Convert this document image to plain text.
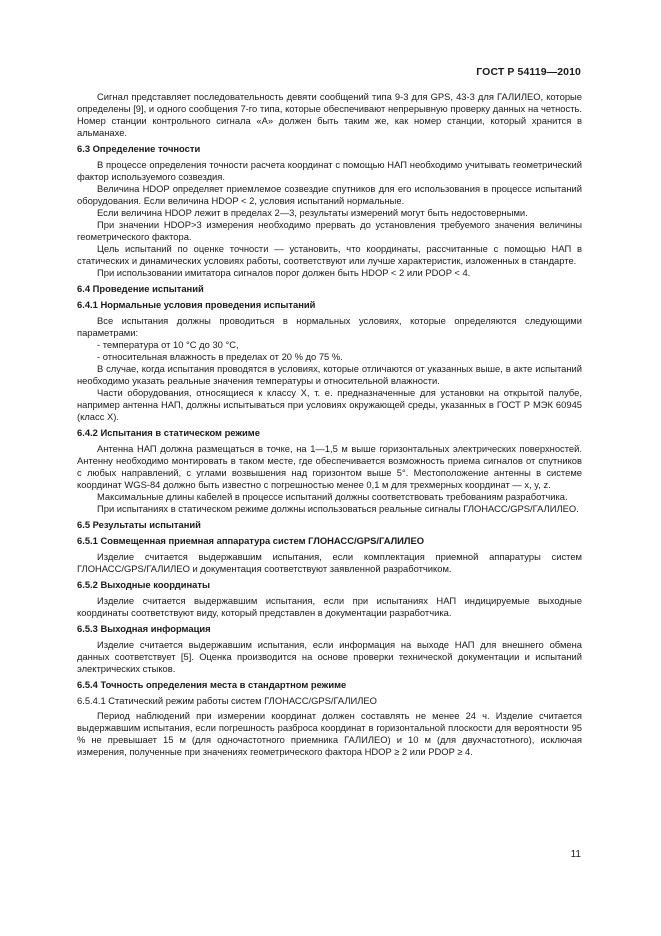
ГОСТ Р 54119—2010

Сигнал представляет последовательность девяти сообщений типа 9-3 для GPS, 43-3 для ГАЛИЛЕО, которые определены [9], и одного сообщения 7-го типа, которые обеспечивают непрерывную проверку данных на четность. Номер станции контрольного сигнала «А» должен быть таким же, как номер станции, который хранится в альманахе.

6.3 Определение точности

В процессе определения точности расчета координат с помощью НАП необходимо учитывать геометрический фактор используемого созвездия.

Величина HDOP определяет приемлемое созвездие спутников для его использования в процессе испытаний оборудования. Если величина HDOP < 2, условия испытаний нормальные.

Если величина HDOP лежит в пределах 2—3, результаты измерений могут быть недостоверными.

При значении HDOP>3 измерения необходимо прервать до установления требуемого значения величины геометрического фактора.

Цель испытаний по оценке точности — установить, что координаты, рассчитанные с помощью НАП в статических и динамических условиях работы, соответствуют или лучше характеристик, изложенных в стандарте.

При использовании имитатора сигналов порог должен быть HDOP < 2 или PDOP < 4.

6.4 Проведение испытаний

6.4.1 Нормальные условия проведения испытаний

Все испытания должны проводиться в нормальных условиях, которые определяются следующими параметрами:

- температура от 10 °С до 30 °С,

- относительная влажность в пределах от 20 % до 75 %.

В случае, когда испытания проводятся в условиях, которые отличаются от указанных выше, в акте испытаний необходимо указать реальные значения температуры и относительной влажности.

Части оборудования, относящиеся к классу X, т. е. предназначенные для установки на открытой палубе, например антенна НАП, должны испытываться при условиях окружающей среды, указанных в ГОСТ Р МЭК 60945 (класс X).

6.4.2 Испытания в статическом режиме

Антенна НАП должна размещаться в точке, на 1—1,5 м выше горизонтальных электрических поверхностей. Антенну необходимо монтировать в таком месте, где обеспечивается возможность приема сигналов от спутников с любых направлений, с углами возвышения над горизонтом выше 5°. Местоположение антенны в системе координат WGS-84 должно быть известно с погрешностью менее 0,1 м для трехмерных координат — x, y, z.

Максимальные длины кабелей в процессе испытаний должны соответствовать требованиям разработчика.

При испытаниях в статическом режиме должны использоваться реальные сигналы ГЛОНАСС/GPS/ГАЛИЛЕО.

6.5 Результаты испытаний

6.5.1 Совмещенная приемная аппаратура систем ГЛОНАСС/GPS/ГАЛИЛЕО

Изделие считается выдержавшим испытания, если комплектация приемной аппаратуры систем ГЛОНАСС/GPS/ГАЛИЛЕО и документация соответствуют заявленной разработчиком.

6.5.2 Выходные координаты

Изделие считается выдержавшим испытания, если при испытаниях НАП индицируемые выходные координаты соответствуют виду, который представлен в документации разработчика.

6.5.3 Выходная информация

Изделие считается выдержавшим испытания, если информация на выходе НАП для внешнего обмена данных соответствует [5]. Оценка производится на основе проверки технической документации и испытаний электрических стыков.

6.5.4 Точность определения места в стандартном режиме

6.5.4.1 Статический режим работы систем ГЛОНАСС/GPS/ГАЛИЛЕО

Период наблюдений при измерении координат должен составлять не менее 24 ч. Изделие считается выдержавшим испытания, если погрешность разброса координат в горизонтальной плоскости для вероятности 95 % не превышает 15 м (для одночастотного приемника ГАЛИЛЕО) и 10 м (для двухчастотного), исключая измерения, полученные при значениях геометрического фактора HDOP ≥ 2 или PDOP ≥ 4.

11
